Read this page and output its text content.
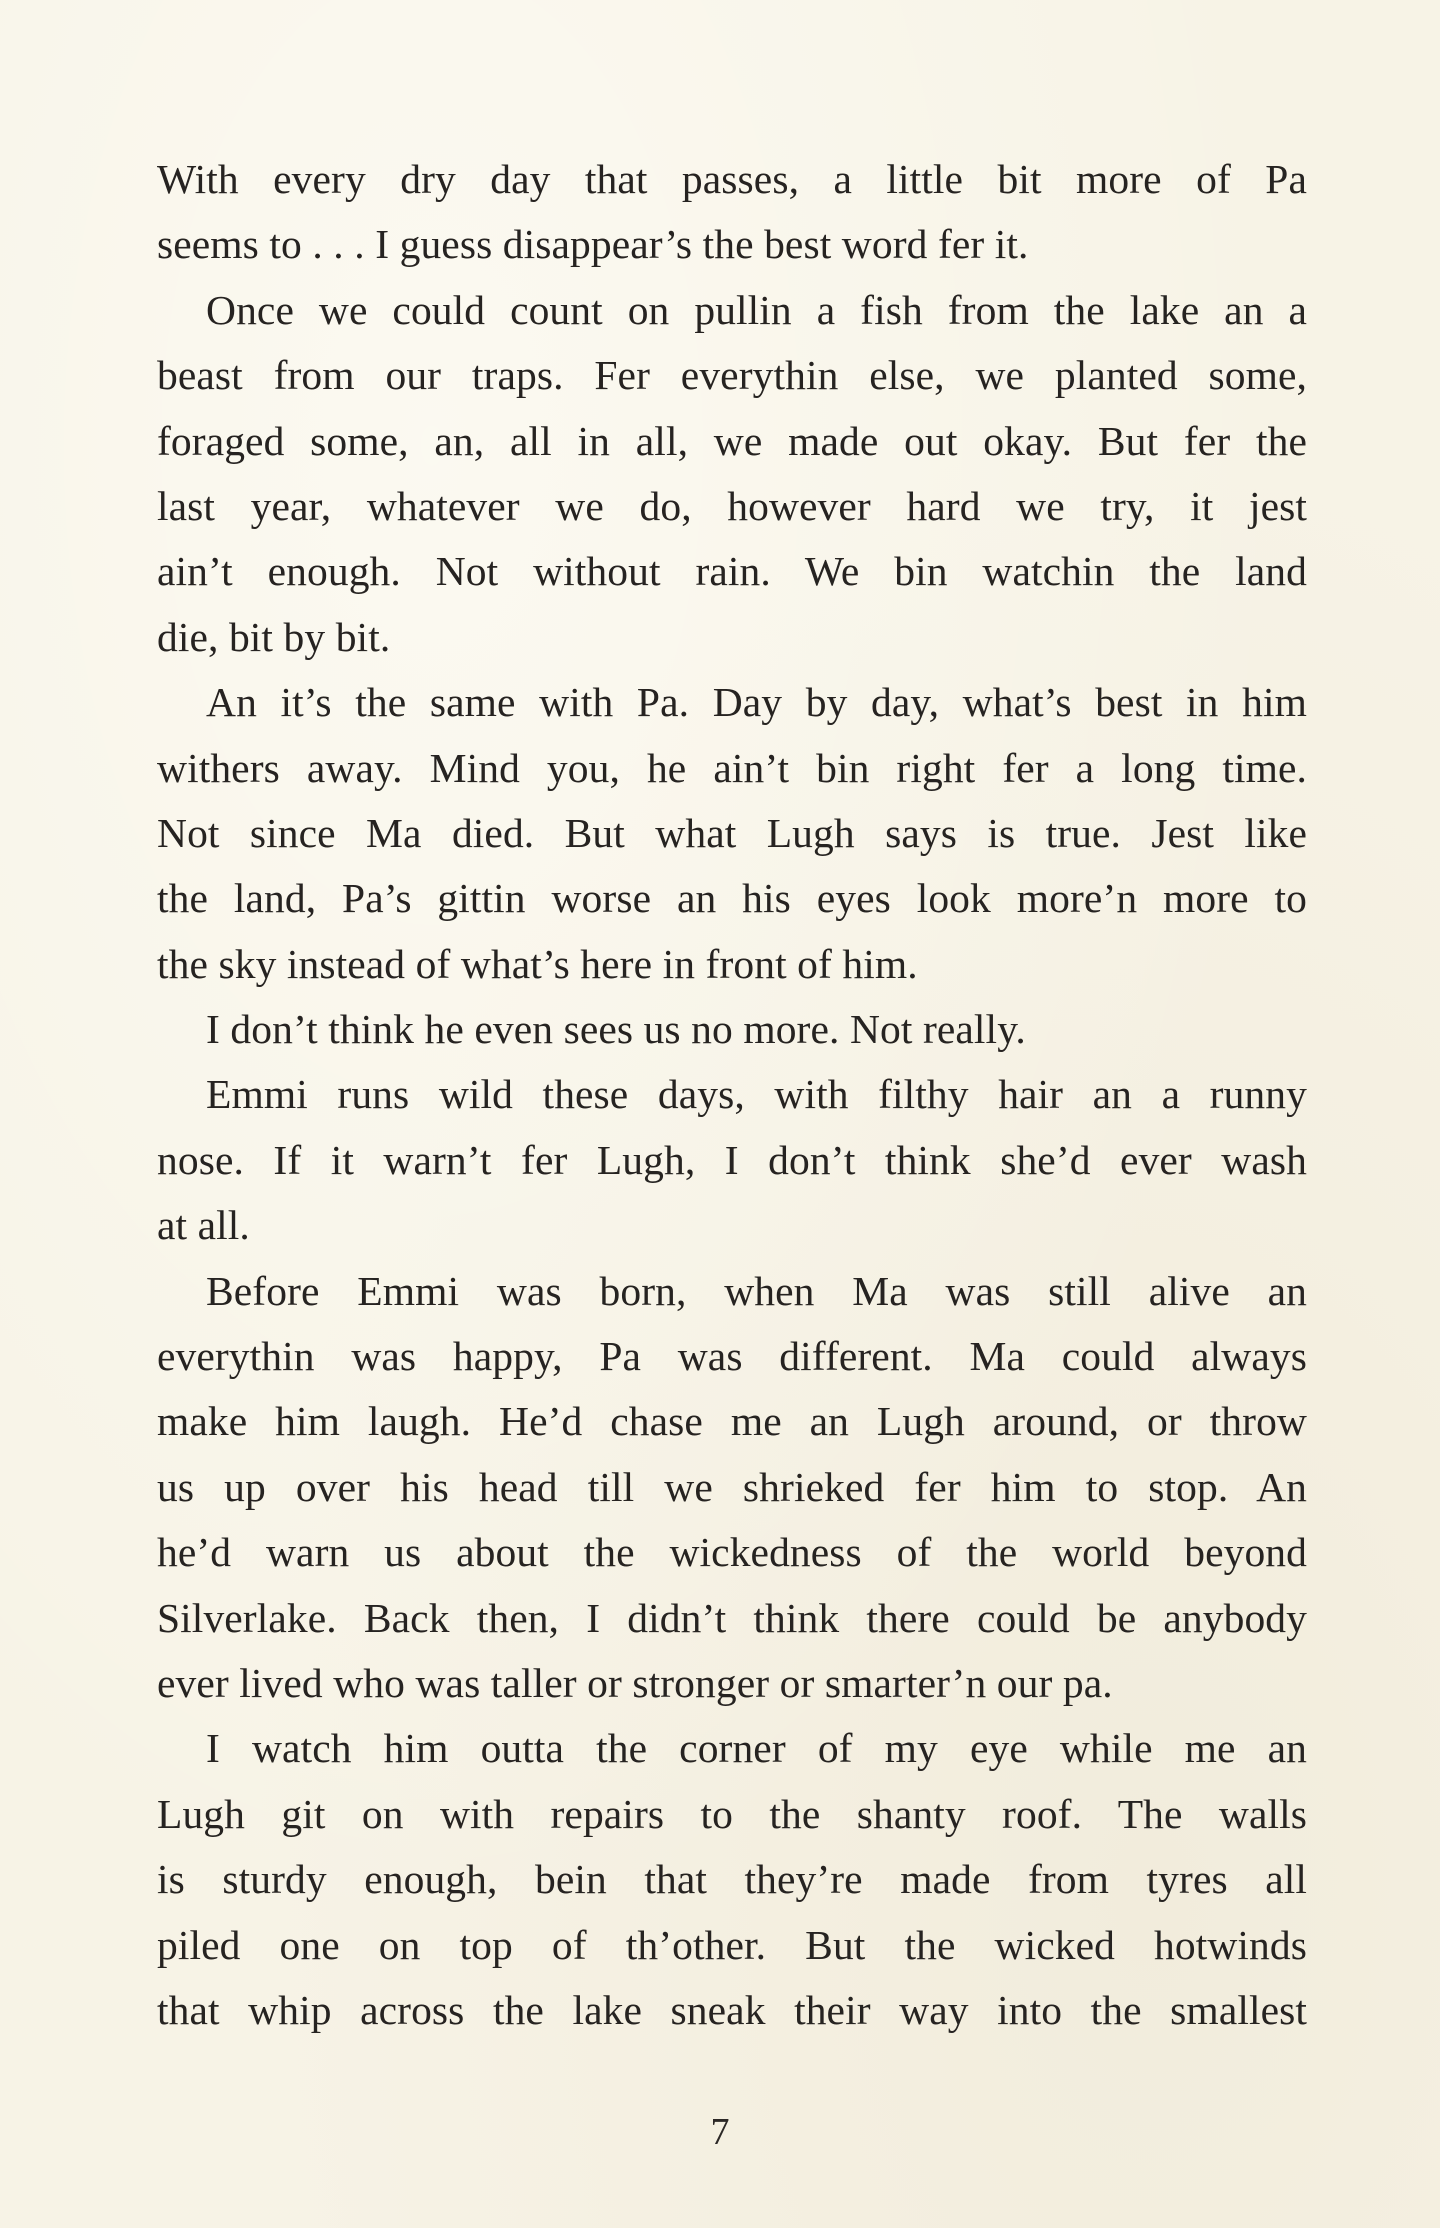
With every dry day that passes, a little bit more of Pa
seems to . . . I guess disappear’s the best word fer it.
Once we could count on pullin a fish from the lake an a
beast from our traps. Fer everythin else, we planted some,
foraged some, an, all in all, we made out okay. But fer the
last year, whatever we do, however hard we try, it jest
ain’t enough. Not without rain. We bin watchin the land
die, bit by bit.
An it’s the same with Pa. Day by day, what’s best in him
withers away. Mind you, he ain’t bin right fer a long time.
Not since Ma died. But what Lugh says is true. Jest like
the land, Pa’s gittin worse an his eyes look more’n more to
the sky instead of what’s here in front of him.
I don’t think he even sees us no more. Not really.
Emmi runs wild these days, with filthy hair an a runny
nose. If it warn’t fer Lugh, I don’t think she’d ever wash
at all.
Before Emmi was born, when Ma was still alive an
everythin was happy, Pa was different. Ma could always
make him laugh. He’d chase me an Lugh around, or throw
us up over his head till we shrieked fer him to stop. An
he’d warn us about the wickedness of the world beyond
Silverlake. Back then, I didn’t think there could be anybody
ever lived who was taller or stronger or smarter’n our pa.
I watch him outta the corner of my eye while me an
Lugh git on with repairs to the shanty roof. The walls
is sturdy enough, bein that they’re made from tyres all
piled one on top of th’other. But the wicked hotwinds
that whip across the lake sneak their way into the smallest
7
